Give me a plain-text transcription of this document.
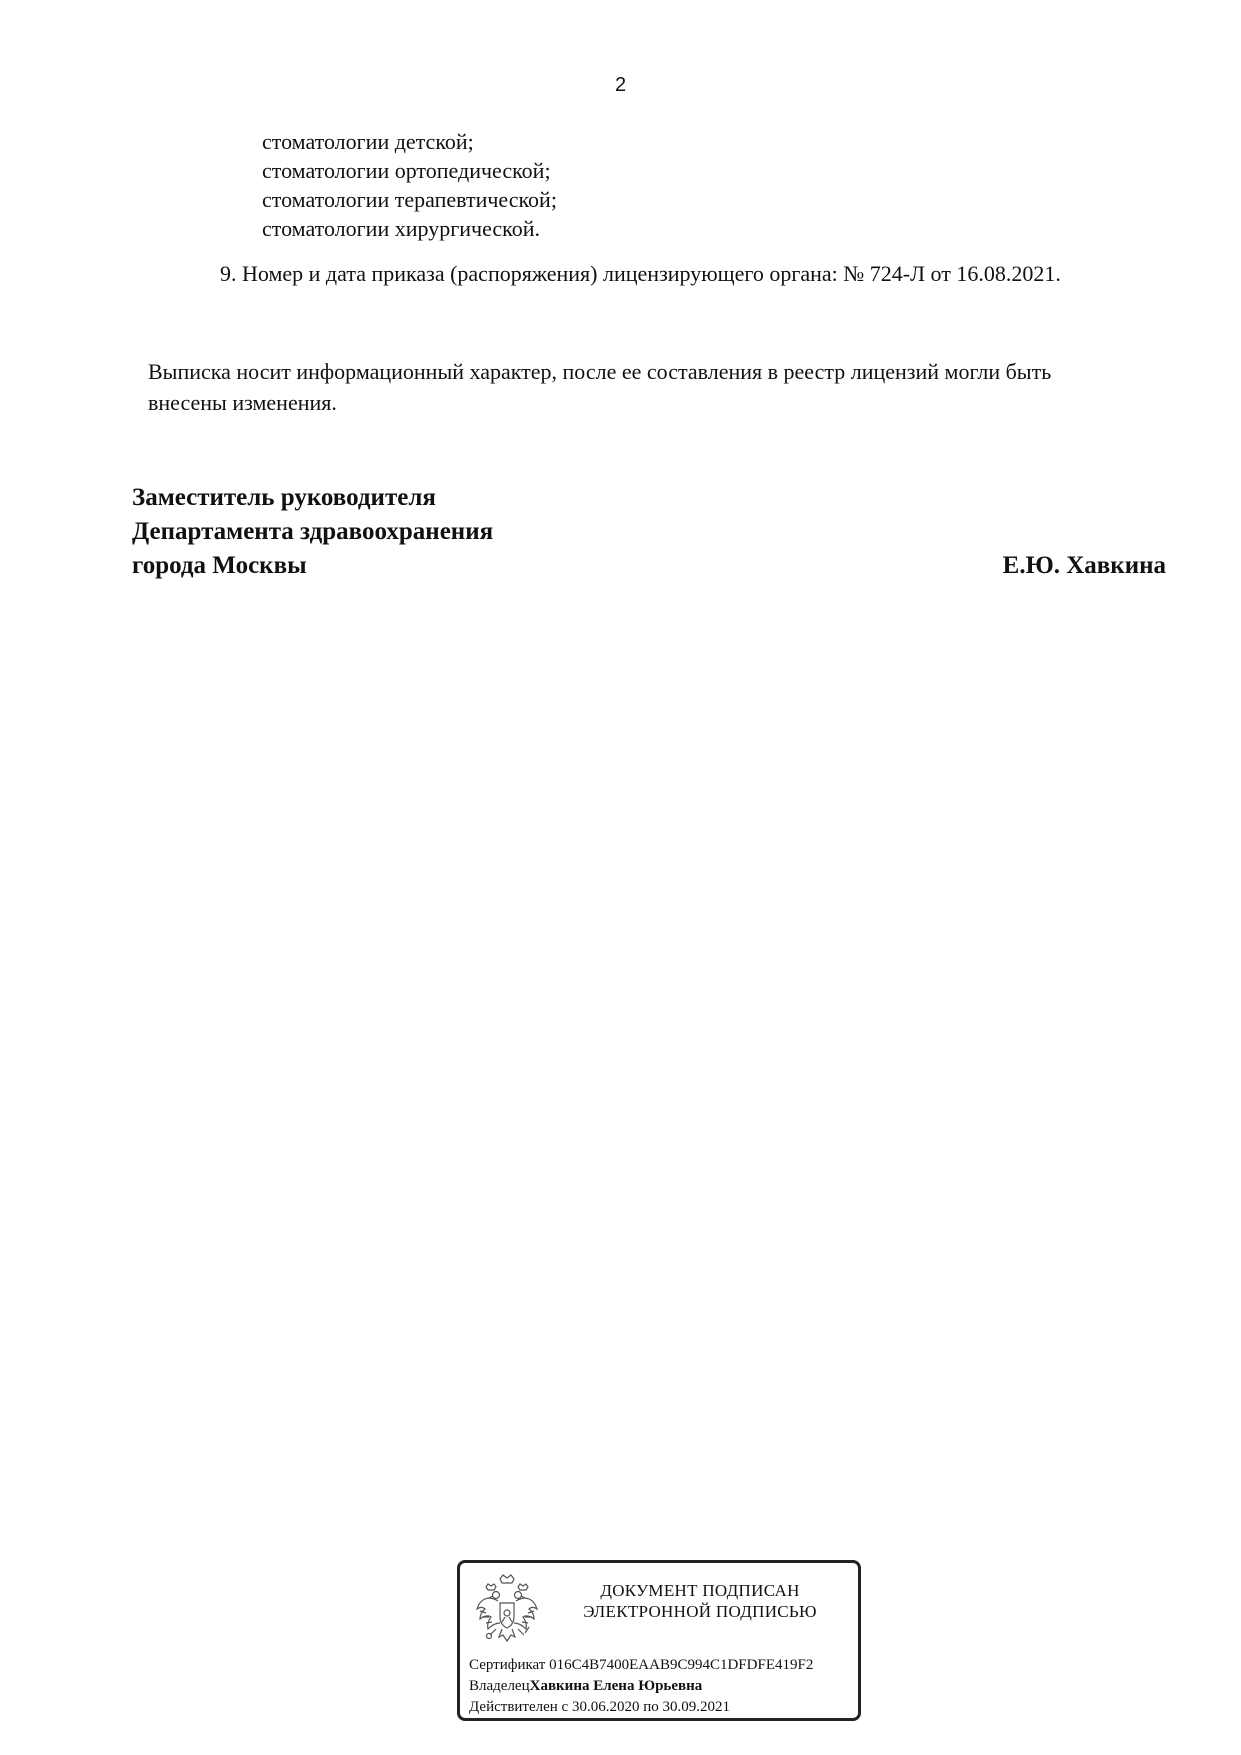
2
стоматологии детской;
стоматологии ортопедической;
стоматологии терапевтической;
стоматологии хирургической.
9. Номер и дата приказа (распоряжения) лицензирующего органа: № 724-Л от 16.08.2021.
Выписка носит информационный характер, после ее составления в реестр лицензий могли быть
внесены изменения.
Заместитель руководителя
Департамента здравоохранения
города Москвы	Е.Ю. Хавкина
ДОКУМЕНТ ПОДПИСАН
ЭЛЕКТРОННОЙ ПОДПИСЬЮ
Сертификат 016C4B7400EAAB9C994C1DFDFE419F2
ВладелецХавкина Елена Юрьевна
Действителен с 30.06.2020 по 30.09.2021
